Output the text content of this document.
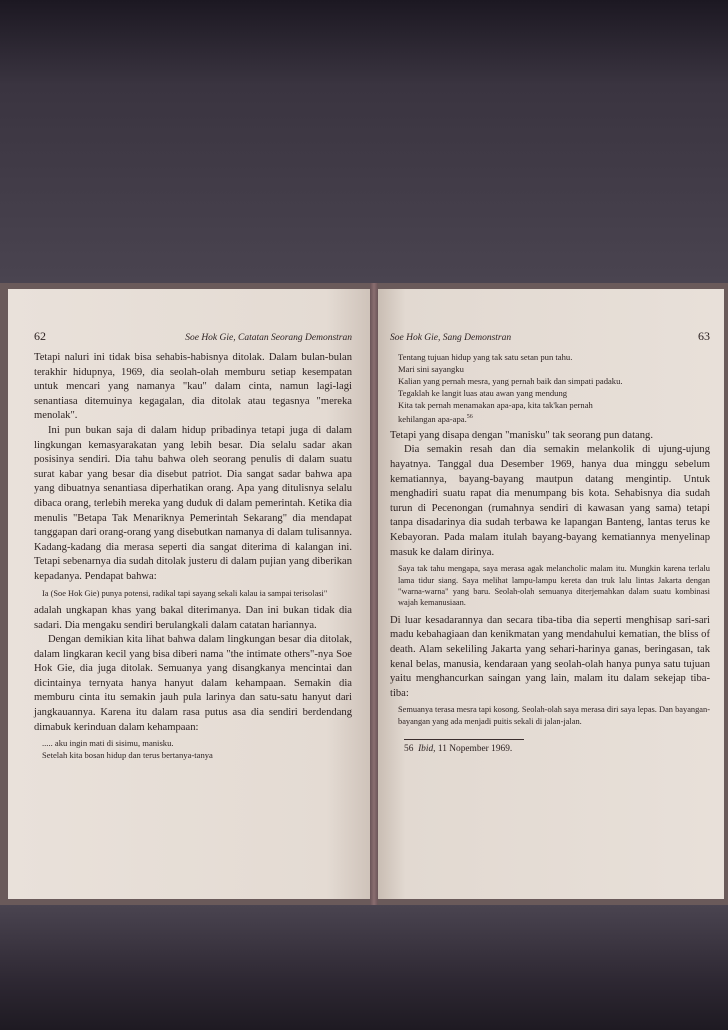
62	Soe Hok Gie, Catatan Seorang Demonstran

Tetapi naluri ini tidak bisa sehabis-habisnya ditolak. Dalam bulan-bulan terakhir hidupnya, 1969, dia seolah-olah memburu setiap kesempatan untuk mencari yang namanya "kau" dalam cinta, namun lagi-lagi senantiasa ditemuinya kegagalan, dia ditolak atau tegasnya "mereka menolak".

Ini pun bukan saja di dalam hidup pribadinya tetapi juga di dalam lingkungan kemasyarakatan yang lebih besar. Dia selalu sadar akan posisinya sendiri. Dia tahu bahwa oleh seorang penulis di dalam suatu surat kabar yang besar dia disebut patriot. Dia sangat sadar bahwa apa yang dibuatnya senantiasa diperhatikan orang. Apa yang ditulisnya selalu dibaca orang, terlebih mereka yang duduk di dalam pemerintah. Ketika dia menulis "Betapa Tak Menariknya Pemerintah Sekarang" dia mendapat tanggapan dari orang-orang yang disebutkan namanya di dalam tulisannya. Kadang-kadang dia merasa seperti dia sangat diterima di kalangan ini. Tetapi sebenarnya dia sudah ditolak justeru di dalam pujian yang diberikan kepadanya. Pendapat bahwa:

Ia (Soe Hok Gie) punya potensi, radikal tapi sayang sekali kalau ia sampai terisolasi"

adalah ungkapan khas yang bakal diterimanya. Dan ini bukan tidak dia sadari. Dia mengaku sendiri berulangkali dalam catatan hariannya.

Dengan demikian kita lihat bahwa dalam lingkungan besar dia ditolak, dalam lingkaran kecil yang bisa diberi nama "the intimate others"-nya Soe Hok Gie, dia juga ditolak. Semuanya yang disangkanya mencintai dan dicintainya ternyata hanya hanyut dalam kehampaan. Semakin dia memburu cinta itu semakin jauh pula larinya dan satu-satu hanyut dari jangkauannya. Karena itu dalam rasa putus asa dia sendiri berdendang dimabuk kerinduan dalam kehampaan:

..... aku ingin mati di sisimu, manisku.
Setelah kita bosan hidup dan terus bertanya-tanya
Soe Hok Gie, Sang Demonstran	63
Tentang tujuan hidup yang tak satu setan pun tahu.
Mari sini sayangku
Kalian yang pernah mesra, yang pernah baik dan simpati padaku.
Tegaklah ke langit luas atau awan yang mendung
Kita tak pernah menamakan apa-apa, kita tak'kan pernah
kehilangan apa-apa.$^{56}$

Tetapi yang disapa dengan "manisku" tak seorang pun datang.

Dia semakin resah dan dia semakin melankolik di ujung-ujung hayatnya. Tanggal dua Desember 1969, hanya dua minggu sebelum kematiannya, bayang-bayang mautpun datang mengintip. Untuk menghadiri suatu rapat dia menumpang bis kota. Sehabisnya dia sudah turun di Pecenongan (rumahnya sendiri di kawasan yang sama) tetapi tanpa disadarinya dia sudah terbawa ke lapangan Banteng, lantas terus ke Kebayoran. Pada malam itulah bayang-bayang kematiannya menyelinap masuk ke dalam dirinya.

Saya tak tahu mengapa, saya merasa agak melancholic malam itu. Mungkin karena terlalu lama tidur siang. Saya melihat lampu-lampu kereta dan truk lalu lintas Jakarta dengan "warna-warna" yang baru. Seolah-olah semuanya diterjemahkan dalam suatu kombinasi wajah kemanusiaan.

Di luar kesadarannya dan secara tiba-tiba dia seperti menghisap sari-sari madu kebahagiaan dan kenikmatan yang mendahului kematian, the bliss of death. Alam sekeliling Jakarta yang sehari-harinya ganas, beringasan, tak kenal belas, manusia, kendaraan yang seolah-olah hanya punya satu tujuan yaitu menghancurkan saingan yang lain, malam itu dalam sekejap tiba-tiba:

Semuanya terasa mesra tapi kosong. Seolah-olah saya merasa diri saya lepas. Dan bayangan-bayangan yang ada menjadi puitis sekali di jalan-jalan.
56 Ibid, 11 Nopember 1969.
